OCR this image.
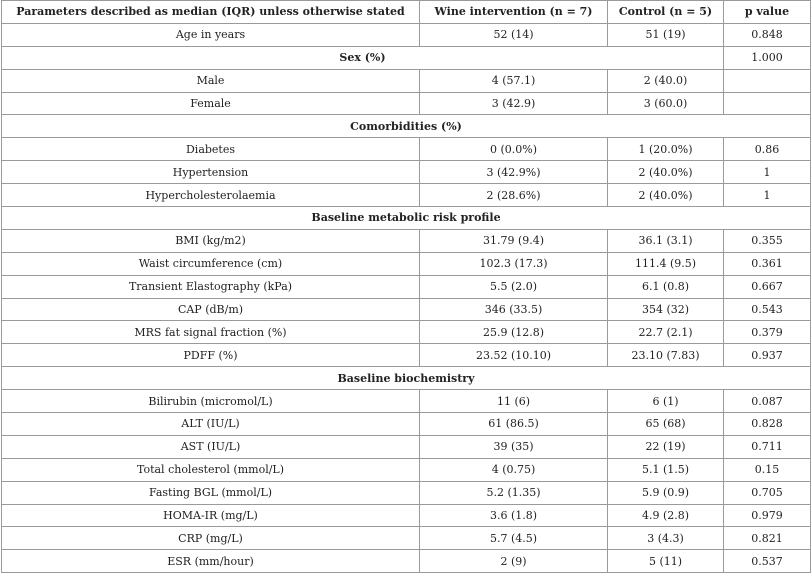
Parameters described as median (IQR) unless otherwise stated	Wine intervention (n = 7)	Control (n = 5)	p value
Age in years	52 (14)	51 (19)	0.848
Sex (%)			1.000
Male	4 (57.1)	2 (40.0)	
Female	3 (42.9)	3 (60.0)	
Comorbidities (%)			
Diabetes	0 (0.0%)	1 (20.0%)	0.86
Hypertension	3 (42.9%)	2 (40.0%)	1
Hypercholesterolaemia	2 (28.6%)	2 (40.0%)	1
Baseline metabolic risk profile			
BMI (kg/m2)	31.79 (9.4)	36.1 (3.1)	0.355
Waist circumference (cm)	102.3 (17.3)	111.4 (9.5)	0.361
Transient Elastography (kPa)	5.5 (2.0)	6.1 (0.8)	0.667
CAP (dB/m)	346 (33.5)	354 (32)	0.543
MRS fat signal fraction (%)	25.9 (12.8)	22.7 (2.1)	0.379
PDFF (%)	23.52 (10.10)	23.10 (7.83)	0.937
Baseline biochemistry			
Bilirubin (micromol/L)	11 (6)	6 (1)	0.087
ALT (IU/L)	61 (86.5)	65 (68)	0.828
AST (IU/L)	39 (35)	22 (19)	0.711
Total cholesterol (mmol/L)	4 (0.75)	5.1 (1.5)	0.15
Fasting BGL (mmol/L)	5.2 (1.35)	5.9 (0.9)	0.705
HOMA-IR (mg/L)	3.6 (1.8)	4.9 (2.8)	0.979
CRP (mg/L)	5.7 (4.5)	3 (4.3)	0.821
ESR (mm/hour)	2 (9)	5 (11)	0.537
